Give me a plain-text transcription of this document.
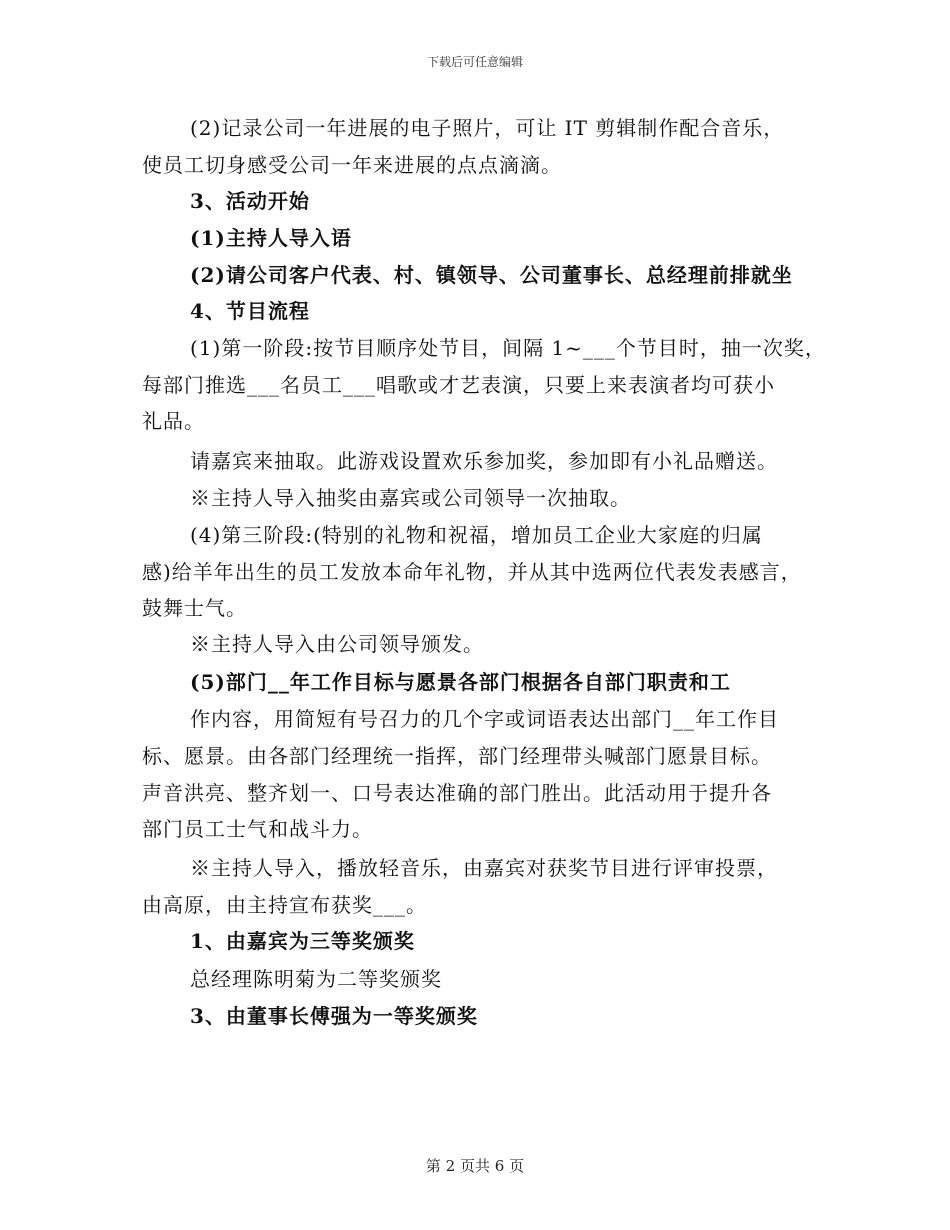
下载后可任意编辑
(2)记录公司一年进展的电子照片，可让 IT 剪辑制作配合音乐，
使员工切身感受公司一年来进展的点点滴滴。
3、活动开始
(1)主持人导入语
(2)请公司客户代表、村、镇领导、公司董事长、总经理前排就坐
4、节目流程
(1)第一阶段:按节目顺序处节目，间隔 1~___个节目时，抽一次奖，
每部门推选___名员工___唱歌或才艺表演，只要上来表演者均可获小
礼品。
请嘉宾来抽取。此游戏设置欢乐参加奖，参加即有小礼品赠送。
※主持人导入抽奖由嘉宾或公司领导一次抽取。
(4)第三阶段:(特别的礼物和祝福，增加员工企业大家庭的归属
感)给羊年出生的员工发放本命年礼物，并从其中选两位代表发表感言，
鼓舞士气。
※主持人导入由公司领导颁发。
(5)部门__年工作目标与愿景各部门根据各自部门职责和工
作内容，用简短有号召力的几个字或词语表达出部门__年工作目
标、愿景。由各部门经理统一指挥，部门经理带头喊部门愿景目标。
声音洪亮、整齐划一、口号表达准确的部门胜出。此活动用于提升各
部门员工士气和战斗力。
※主持人导入，播放轻音乐，由嘉宾对获奖节目进行评审投票，
由高原，由主持宣布获奖___。
1、由嘉宾为三等奖颁奖
总经理陈明菊为二等奖颁奖
3、由董事长傅强为一等奖颁奖
第 2 页共 6 页
